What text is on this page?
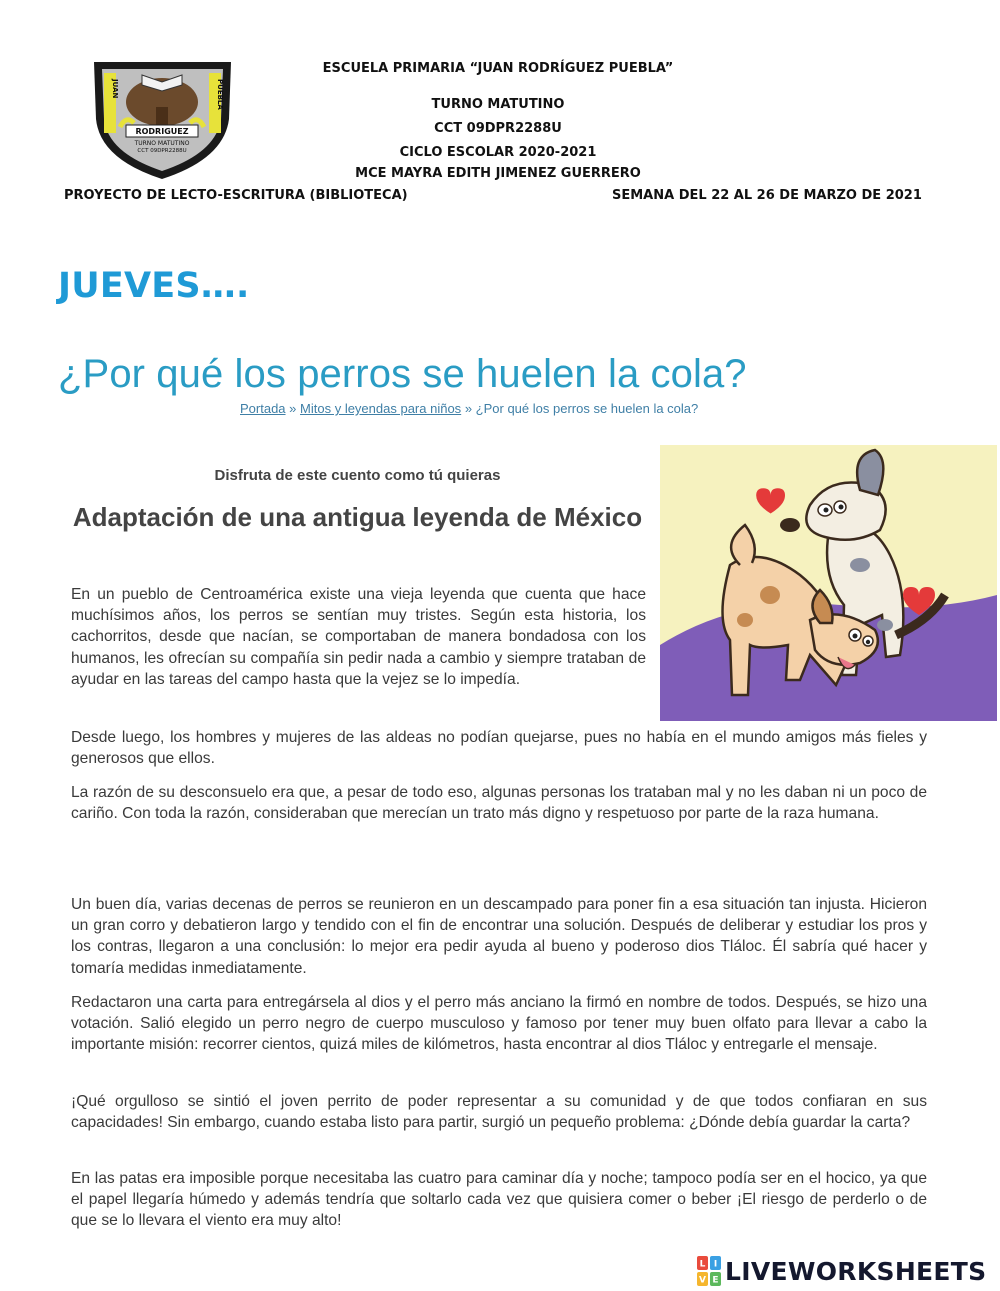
JUAN	PUEBLA
RODRIGUEZ
TURNO MATUTINO
CCT 09DPR2288U
ESCUELA PRIMARIA “JUAN RODRÍGUEZ PUEBLA”
TURNO MATUTINO
CCT 09DPR2288U
CICLO ESCOLAR 2020-2021
MCE MAYRA EDITH JIMENEZ GUERRERO
PROYECTO DE LECTO-ESCRITURA (BIBLIOTECA)	SEMANA DEL 22 AL 26 DE MARZO DE 2021
JUEVES….
¿Por qué los perros se huelen la cola?
Portada » Mitos y leyendas para niños » ¿Por qué los perros se huelen la cola?
Disfruta de este cuento como tú quieras
Adaptación de una antigua leyenda de México

En un pueblo de Centroamérica existe una vieja leyenda que cuenta que hace muchísimos años, los perros se sentían muy tristes. Según esta historia, los cachorritos, desde que nacían, se comportaban de manera bondadosa con los humanos, les ofrecían su compañía sin pedir nada a cambio y siempre trataban de ayudar en las tareas del campo hasta que la vejez se lo impedía.

Desde luego, los hombres y mujeres de las aldeas no podían quejarse, pues no había en el mundo amigos más fieles y generosos que ellos.

La razón de su desconsuelo era que, a pesar de todo eso, algunas personas los trataban mal y no les daban ni un poco de cariño. Con toda la razón, consideraban que merecían un trato más digno y respetuoso por parte de la raza humana.

Un buen día, varias decenas de perros se reunieron en un descampado para poner fin a esa situación tan injusta. Hicieron un gran corro y debatieron largo y tendido con el fin de encontrar una solución. Después de deliberar y estudiar los pros y los contras, llegaron a una conclusión: lo mejor era pedir ayuda al bueno y poderoso dios Tláloc. Él sabría qué hacer y tomaría medidas inmediatamente.

Redactaron una carta para entregársela al dios y el perro más anciano la firmó en nombre de todos. Después, se hizo una votación. Salió elegido un perro negro de cuerpo musculoso y famoso por tener muy buen olfato para llevar a cabo la importante misión: recorrer cientos, quizá miles de kilómetros, hasta encontrar al dios Tláloc y entregarle el mensaje.

¡Qué orgulloso se sintió el joven perrito de poder representar a su comunidad y de que todos confiaran en sus capacidades! Sin embargo, cuando estaba listo para partir, surgió un pequeño problema: ¿Dónde debía guardar la carta?

En las patas era imposible porque necesitaba las cuatro para caminar día y noche; tampoco podía ser en el hocico, ya que el papel llegaría húmedo y además tendría que soltarlo cada vez que quisiera comer o beber ¡El riesgo de perderlo o de que se lo llevara el viento era muy alto!

L I
V E LIVEWORKSHEETS
